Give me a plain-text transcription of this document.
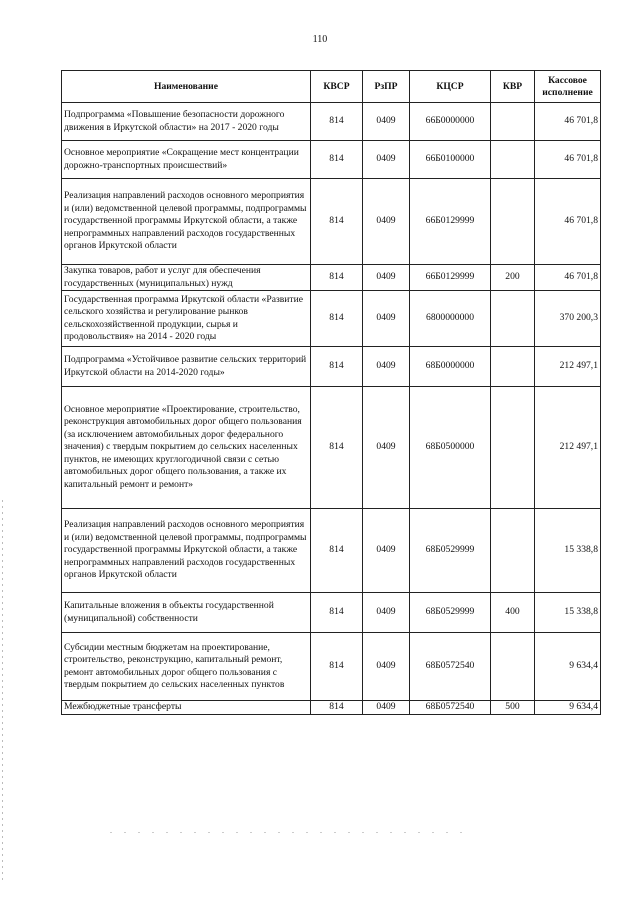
110
Наименование	КВСР	РзПР	КЦСР	КВР	Кассовое исполнение
Подпрограмма «Повышение безопасности дорожного движения в Иркутской области» на 2017 - 2020 годы	814	0409	66Б0000000		46 701,8
Основное мероприятие «Сокращение мест концентрации дорожно-транспортных происшествий»	814	0409	66Б0100000		46 701,8
Реализация направлений расходов основного мероприятия и (или) ведомственной целевой программы, подпрограммы государственной программы Иркутской области, а также непрограммных направлений расходов государственных органов Иркутской области	814	0409	66Б0129999		46 701,8
Закупка товаров, работ и услуг для обеспечения государственных (муниципальных) нужд	814	0409	66Б0129999	200	46 701,8
Государственная программа Иркутской области «Развитие сельского хозяйства и регулирование рынков сельскохозяйственной продукции, сырья и продовольствия» на 2014 - 2020 годы	814	0409	6800000000		370 200,3
Подпрограмма «Устойчивое развитие сельских территорий Иркутской области на 2014-2020 годы»	814	0409	68Б0000000		212 497,1
Основное мероприятие «Проектирование, строительство, реконструкция автомобильных дорог общего пользования (за исключением автомобильных дорог федерального значения) с твердым покрытием до сельских населенных пунктов, не имеющих круглогодичной связи с сетью автомобильных дорог общего пользования, а также их капитальный ремонт и ремонт»	814	0409	68Б0500000		212 497,1
Реализация направлений расходов основного мероприятия и (или) ведомственной целевой программы, подпрограммы государственной программы Иркутской области, а также непрограммных направлений расходов государственных органов Иркутской области	814	0409	68Б0529999		15 338,8
Капитальные вложения в объекты государственной (муниципальной) собственности	814	0409	68Б0529999	400	15 338,8
Субсидии местным бюджетам на проектирование, строительство, реконструкцию, капитальный ремонт, ремонт автомобильных дорог общего пользования с твердым покрытием до сельских населенных пунктов	814	0409	68Б0572540		9 634,4
Межбюджетные трансферты	814	0409	68Б0572540	500	9 634,4
